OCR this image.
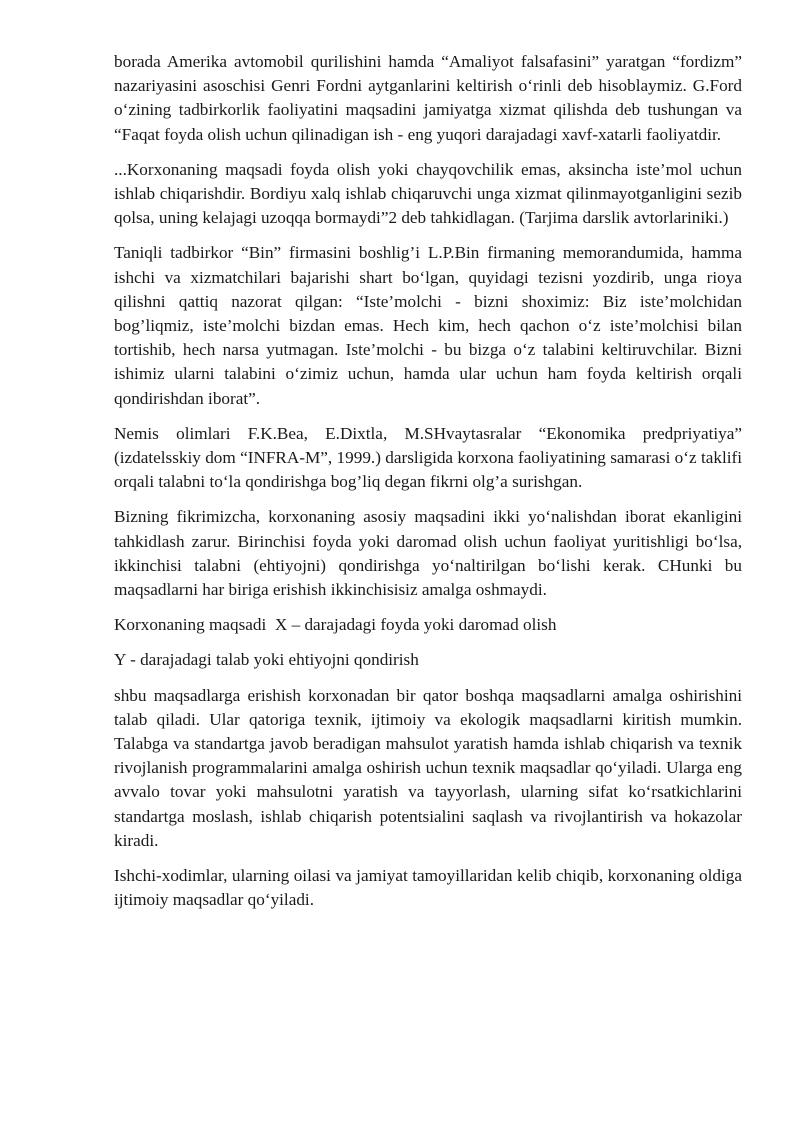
borada Amerika avtomobil qurilishini hamda “Amaliyot falsafasini” yaratgan “fordizm” nazariyasini asoschisi Genri Fordni aytganlarini keltirish o‘rinli deb hisoblaymiz. G.Ford o‘zining tadbirkorlik faoliyatini maqsadini jamiyatga xizmat qilishda deb tushungan va “Faqat foyda olish uchun qilinadigan ish - eng yuqori darajadagi xavf-xatarli faoliyatdir.

...Korxonaning maqsadi foyda olish yoki chayqovchilik emas, aksincha iste’mol uchun ishlab chiqarishdir. Bordiyu xalq ishlab chiqaruvchi unga xizmat qilinmayotganligini sezib qolsa, uning kelajagi uzoqqa bormaydi”2 deb tahkidlagan. (Tarjima darslik avtorlariniki.)

Taniqli tadbirkor “Bin” firmasini boshlig’i L.P.Bin firmaning memorandumida, hamma ishchi va xizmatchilari bajarishi shart bo‘lgan, quyidagi tezisni yozdirib, unga rioya qilishni qattiq nazorat qilgan: “Iste’molchi - bizni shoximiz: Biz iste’molchidan bog’liqmiz, iste’molchi bizdan emas. Hech kim, hech qachon o‘z iste’molchisi bilan tortishib, hech narsa yutmagan. Iste’molchi - bu bizga o‘z talabini keltiruvchilar. Bizni ishimiz ularni talabini o‘zimiz uchun, hamda ular uchun ham foyda keltirish orqali qondirishdan iborat”.

Nemis olimlari F.K.Bea, E.Dixtla, M.SHvaytasralar “Ekonomika predpriyatiya” (izdatelsskiy dom “INFRA-M”, 1999.) darsligida korxona faoliyatining samarasi o‘z taklifi orqali talabni to‘la qondirishga bog’liq degan fikrni olg’a surishgan.

Bizning fikrimizcha, korxonaning asosiy maqsadini ikki yo‘nalishdan iborat ekanligini tahkidlash zarur. Birinchisi foyda yoki daromad olish uchun faoliyat yuritishligi bo‘lsa, ikkinchisi talabni (ehtiyojni) qondirishga yo‘naltirilgan bo‘lishi kerak. CHunki bu maqsadlarni har biriga erishish ikkinchisisiz amalga oshmaydi.

Korxonaning maqsadi  X – darajadagi foyda yoki daromad olish

Y - darajadagi talab yoki ehtiyojni qondirish

shbu maqsadlarga erishish korxonadan bir qator boshqa maqsadlarni amalga oshirishini talab qiladi. Ular qatoriga texnik, ijtimoiy va ekologik maqsadlarni kiritish mumkin. Talabga va standartga javob beradigan mahsulot yaratish hamda ishlab chiqarish va texnik rivojlanish programmalarini amalga oshirish uchun texnik maqsadlar qo‘yiladi. Ularga eng avvalo tovar yoki mahsulotni yaratish va tayyorlash, ularning sifat ko‘rsatkichlarini standartga moslash, ishlab chiqarish potentsialini saqlash va rivojlantirish va hokazolar kiradi.

Ishchi-xodimlar, ularning oilasi va jamiyat tamoyillaridan kelib chiqib, korxonaning oldiga ijtimoiy maqsadlar qo‘yiladi.
